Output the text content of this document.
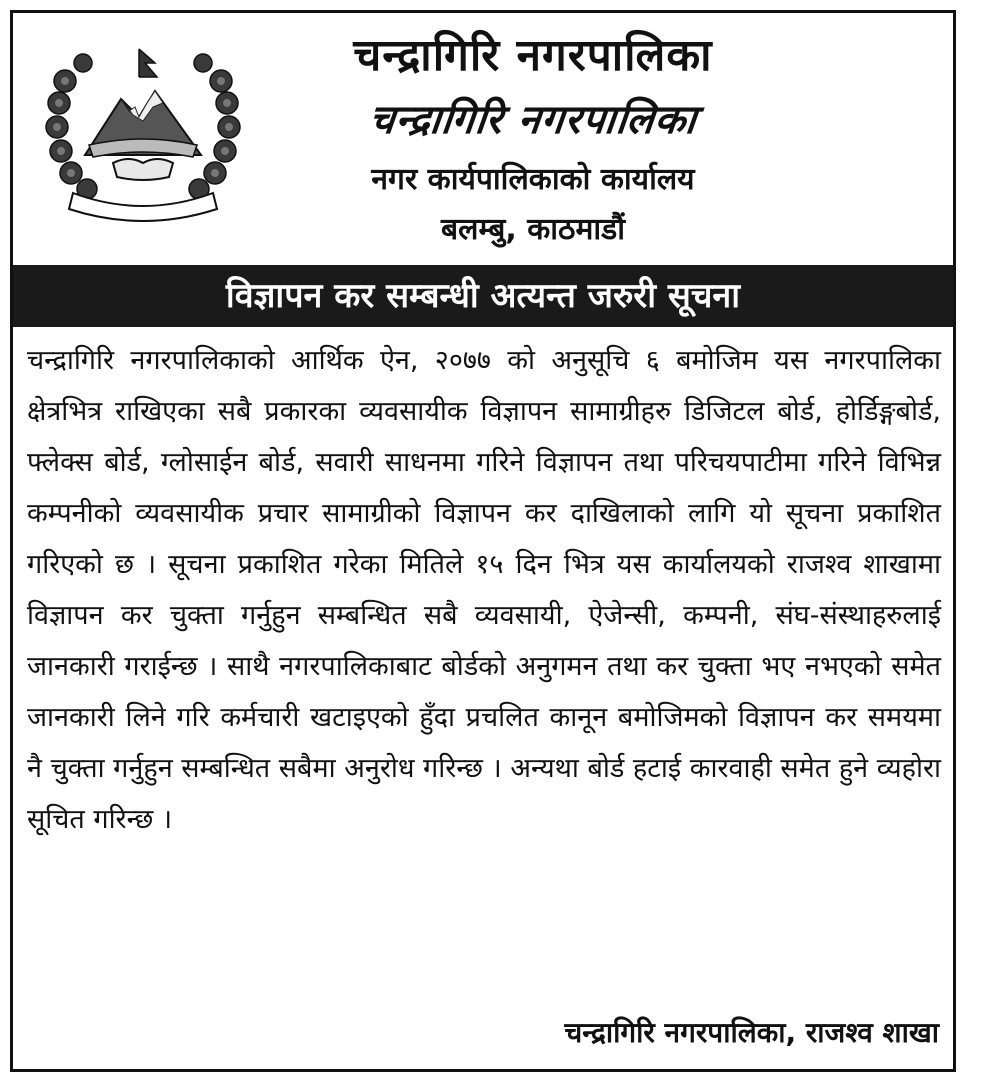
चन्द्रागिरि नगरपालिका
चन्द्रागिरि नगरपालिका
नगर कार्यपालिकाको कार्यालय
बलम्बु, काठमाडौं
विज्ञापन कर सम्बन्धी अत्यन्त जरुरी सूचना
चन्द्रागिरि नगरपालिकाको आर्थिक ऐन, २०७७ को अनुसूचि ६ बमोजिम यस नगरपालिका क्षेत्रभित्र राखिएका सबै प्रकारका व्यवसायीक विज्ञापन सामाग्रीहरु डिजिटल बोर्ड, होर्डिङ्गबोर्ड, फ्लेक्स बोर्ड, ग्लोसाईन बोर्ड, सवारी साधनमा गरिने विज्ञापन तथा परिचयपाटीमा गरिने विभिन्न कम्पनीको व्यवसायीक प्रचार सामाग्रीको विज्ञापन कर दाखिलाको लागि यो सूचना प्रकाशित गरिएको छ । सूचना प्रकाशित गरेका मितिले १५ दिन भित्र यस कार्यालयको राजश्व शाखामा विज्ञापन कर चुक्ता गर्नुहुन सम्बन्धित सबै व्यवसायी, ऐजेन्सी, कम्पनी, संघ-संस्थाहरुलाई जानकारी गराईन्छ । साथै नगरपालिकाबाट बोर्डको अनुगमन तथा कर चुक्ता भए नभएको समेत जानकारी लिने गरि कर्मचारी खटाइएको हुँदा प्रचलित कानून बमोजिमको विज्ञापन कर समयमा नै चुक्ता गर्नुहुन सम्बन्धित सबैमा अनुरोध गरिन्छ । अन्यथा बोर्ड हटाई कारवाही समेत हुने व्यहोरा सूचित गरिन्छ ।
चन्द्रागिरि नगरपालिका, राजश्व शाखा
